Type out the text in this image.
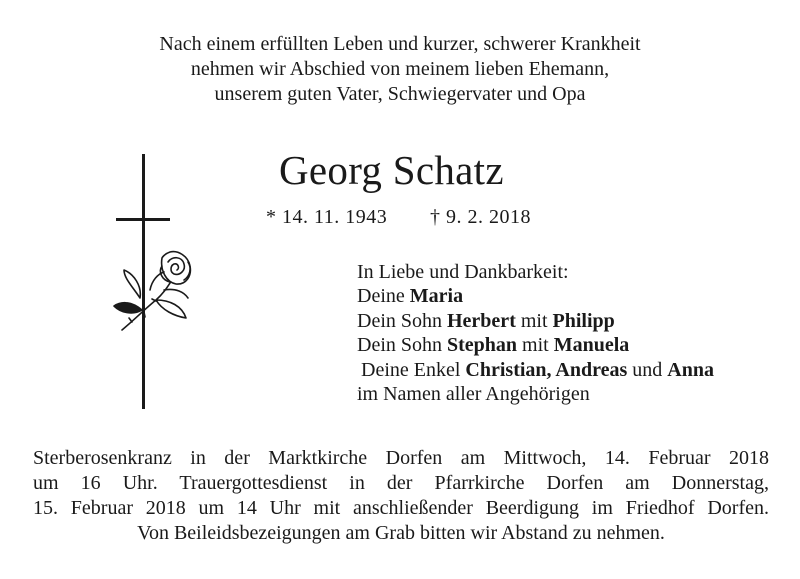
Nach einem erfüllten Leben und kurzer, schwerer Krankheit
nehmen wir Abschied von meinem lieben Ehemann,
unserem guten Vater, Schwiegervater und Opa
Georg Schatz
* 14. 11. 1943 † 9. 2. 2018
In Liebe und Dankbarkeit:
Deine Maria
Dein Sohn Herbert mit Philipp
Dein Sohn Stephan mit Manuela
Deine Enkel Christian, Andreas und Anna
im Namen aller Angehörigen
Sterberosenkranz in der Marktkirche Dorfen am Mittwoch, 14. Februar 2018
um 16 Uhr. Trauergottesdienst in der Pfarrkirche Dorfen am Donnerstag,
15. Februar 2018 um 14 Uhr mit anschließender Beerdigung im Friedhof Dorfen.
Von Beileidsbezeigungen am Grab bitten wir Abstand zu nehmen.
